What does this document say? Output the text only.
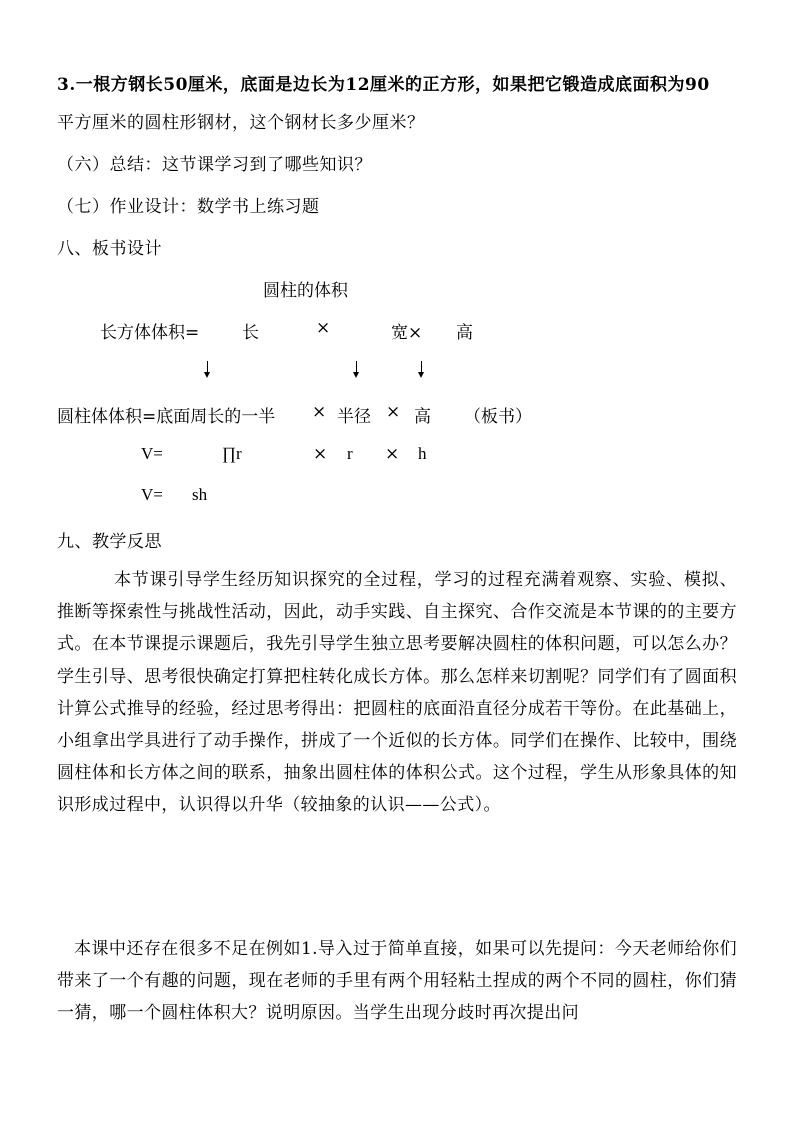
3.一根方钢长50厘米，底面是边长为12厘米的正方形，如果把它锻造成底面积为90
平方厘米的圆柱形钢材，这个钢材长多少厘米？
（六）总结：这节课学习到了哪些知识？
（七）作业设计：数学书上练习题
八、板书设计
圆柱的体积
长方体体积=	长	×	宽× 高
圆柱体体积=底面周长的一半 × 半径 × 高 （板书）
V=	∏r	× r × h
V= sh
九、教学反思
本节课引导学生经历知识探究的全过程，学习的过程充满着观察、实验、模拟、推断等探索性与挑战性活动，因此，动手实践、自主探究、合作交流是本节课的的主要方式。在本节课提示课题后，我先引导学生独立思考要解决圆柱的体积问题，可以怎么办？学生引导、思考很快确定打算把柱转化成长方体。那么怎样来切割呢？同学们有了圆面积计算公式推导的经验，经过思考得出：把圆柱的底面沿直径分成若干等份。在此基础上，小组拿出学具进行了动手操作，拼成了一个近似的长方体。同学们在操作、比较中，围绕圆柱体和长方体之间的联系，抽象出圆柱体的体积公式。这个过程，学生从形象具体的知识形成过程中，认识得以升华（较抽象的认识——公式）。
本课中还存在很多不足在例如1.导入过于简单直接，如果可以先提问：今天老师给你们带来了一个有趣的问题，现在老师的手里有两个用轻粘土捏成的两个不同的圆柱，你们猜一猜，哪一个圆柱体积大？说明原因。当学生出现分歧时再次提出问
